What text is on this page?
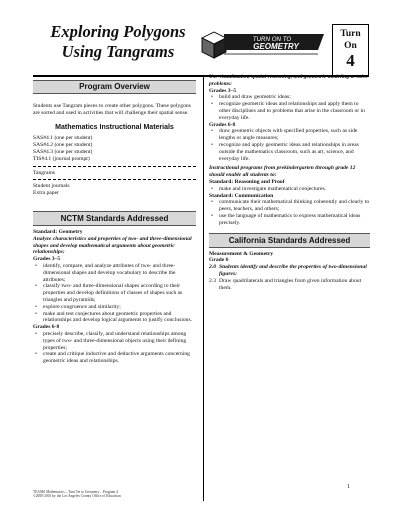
Exploring Polygons
Using Tangrams
TURN ON TO
GEOMETRY
Turn
On
4
Program Overview
Students use Tangram pieces to create other polygons. These polygons are sorted and used in activities that will challenge their spatial sense.
Mathematics Instructional Materials
SAS#4.1 (one per student)
SAS#4.2 (one per student)
SAS#4.3 (one per student)
TIS#4.1 (journal prompt)
Tangrams
Student journals
Extra paper
NCTM Standards Addressed
Standard: Geometry
Analyze characteristics and properties of two- and three-dimensional shapes and develop mathematical arguments about geometric relationships:
Grades 3–5
• identify, compare, and analyze attributes of two- and three-dimensional shapes and develop vocabulary to describe the attributes;
• classify two- and three-dimensional shapes according to their properties and develop definitions of classes of shapes such as triangles and pyramids;
• explore congruence and similarity;
• make and test conjectures about geometric properties and relationships and develop logical arguments to justify conclusions.
Grades 6-8
• precisely describe, classify, and understand relationships among types of two- and three-dimensional objects using their defining properties;
• create and critique inductive and deductive arguments concerning geometric ideas and relationships.
Use visualization, spatial reasoning, and geometric modeling to solve problems:
Grades 3–5
• build and draw geometric ideas;
• recognize geometric ideas and relationships and apply them to other disciplines and to problems that arise in the classroom or in everyday life.
Grades 6-8
• draw geometric objects with specified properties, such as side lengths or angle measures;
• recognize and apply geometric ideas and relationships in areas outside the mathematics classroom, such as art, science, and everyday life.
Instructional programs from prekindergarten through grade 12 should enable all students to:
Standard: Reasoning and Proof
• make and investigate mathematical conjectures.
Standard: Communication
• communicate their mathematical thinking coherently and clearly to peers, teachers, and others;
• use the language of mathematics to express mathematical ideas precisely.
California Standards Addressed
Measurement & Geometry
Grade 6
2.0 Students identify and describe the properties of two-dimensional figures:
2.3 Draw quadrilaterals and triangles from given information about them.
TEAMS Mathematics – Turn On to Geometry – Program 4
©2000-2001 by the Los Angeles County Office of Education
1
